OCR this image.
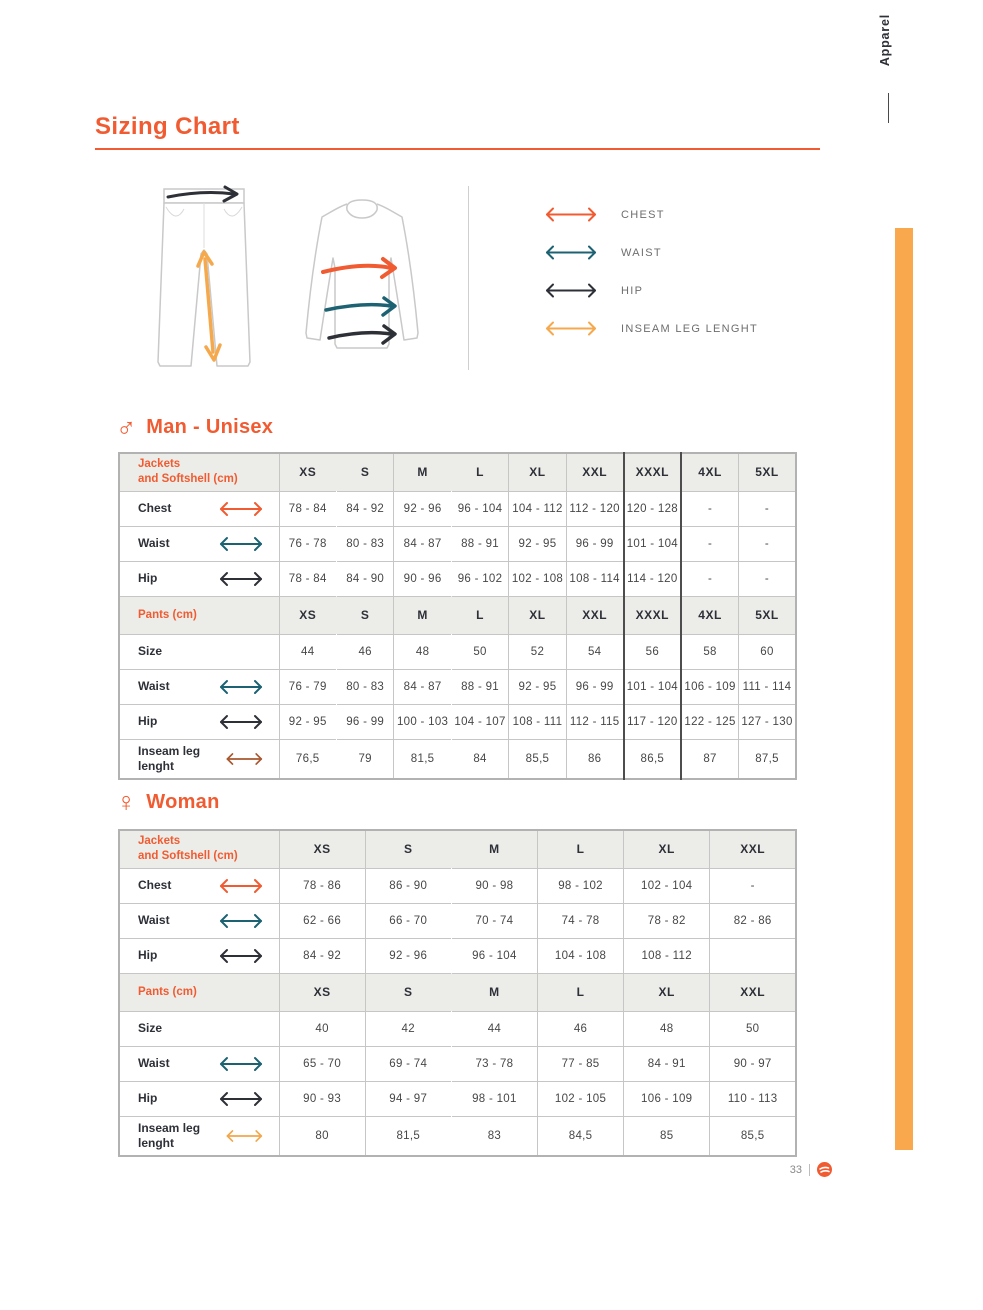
Apparel
Sizing Chart
CHEST
WAIST
HIP
INSEAM LEG LENGHT
♂ Man - Unisex
Jackets
and Softshell (cm)	XS	S	M	L	XL	XXL	XXXL	4XL	5XL

Chest	78 - 84	84 - 92	92 - 96	96 - 104	104 - 112	112 - 120	120 - 128	-	-

Waist	76 - 78	80 - 83	84 - 87	88 - 91	92 - 95	96 - 99	101 - 104	-	-

Hip	78 - 84	84 - 90	90 - 96	96 - 102	102 - 108	108 - 114	114 - 120	-	-

Pants (cm)	XS	S	M	L	XL	XXL	XXXL	4XL	5XL

Size	44	46	48	50	52	54	56	58	60

Waist	76 - 79	80 - 83	84 - 87	88 - 91	92 - 95	96 - 99	101 - 104	106 - 109	111 - 114

Hip	92 - 95	96 - 99	100 - 103	104 - 107	108 - 111	112 - 115	117 - 120	122 - 125	127 - 130

Inseam leg lenght	76,5	79	81,5	84	85,5	86	86,5	87	87,5
♀ Woman
Jackets
and Softshell (cm)	XS	S	M	L	XL	XXL

Chest	78 - 86	86 - 90	90 - 98	98 - 102	102 - 104	-

Waist	62 - 66	66 - 70	70 - 74	74 - 78	78 - 82	82 - 86

Hip	84 - 92	92 - 96	96 - 104	104 - 108	108 - 112	

Pants (cm)	XS	S	M	L	XL	XXL

Size	40	42	44	46	48	50

Waist	65 - 70	69 - 74	73 - 78	77 - 85	84 - 91	90 - 97

Hip	90 - 93	94 - 97	98 - 101	102 - 105	106 - 109	110 - 113

Inseam leg lenght	80	81,5	83	84,5	85	85,5
33
